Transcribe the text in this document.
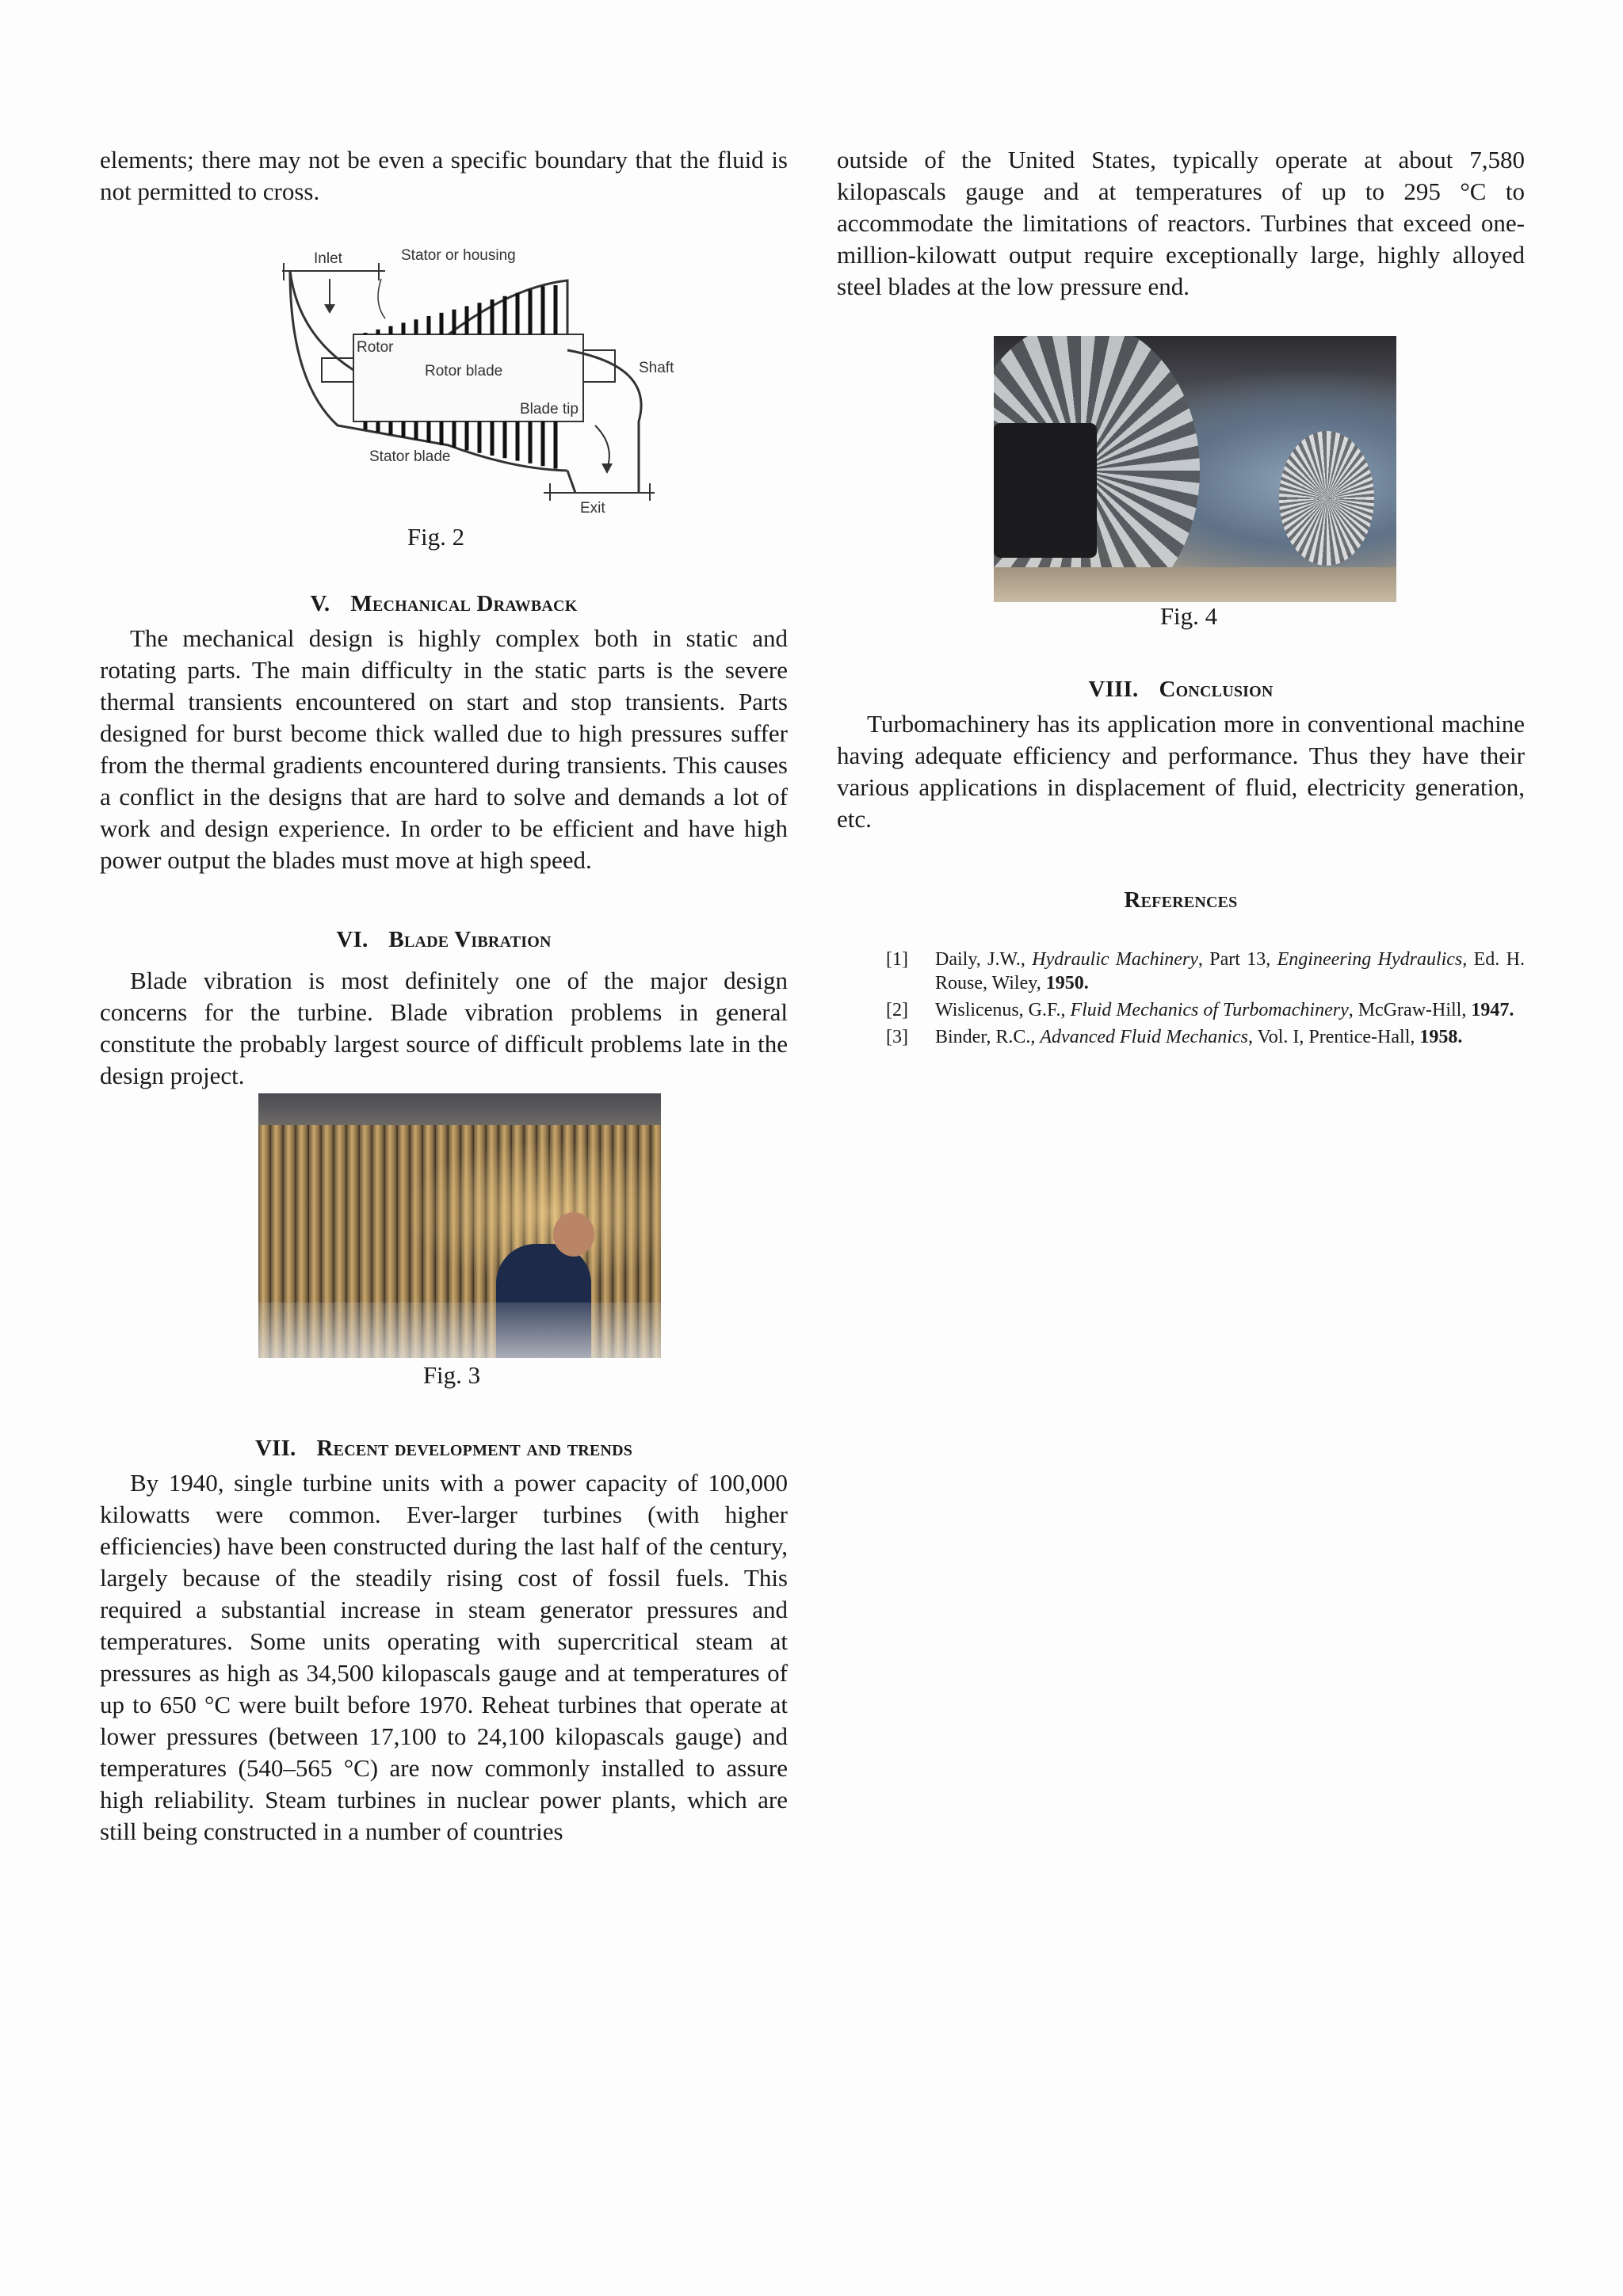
elements; there may not be even a specific boundary that the fluid is not permitted to cross.

Inlet	Stator or housing
Rotor
Rotor blade	Shaft
Blade tip
Stator blade
Exit
Fig. 2
V. Mechanical Drawback

The mechanical design is highly complex both in static and rotating parts. The main difficulty in the static parts is the severe thermal transients encountered on start and stop transients. Parts designed for burst become thick walled due to high pressures suffer from the thermal gradients encountered during transients. This causes a conflict in the designs that are hard to solve and demands a lot of work and design experience. In order to be efficient and have high power output the blades must move at high speed.

VI. Blade Vibration

Blade vibration is most definitely one of the major design concerns for the turbine. Blade vibration problems in general constitute the probably largest source of difficult problems late in the design project.

Fig. 3
VII. Recent development and trends

By 1940, single turbine units with a power capacity of 100,000 kilowatts were common. Ever-larger turbines (with higher efficiencies) have been constructed during the last half of the century, largely because of the steadily rising cost of fossil fuels. This required a substantial increase in steam generator pressures and temperatures. Some units operating with supercritical steam at pressures as high as 34,500 kilopascals gauge and at temperatures of up to 650 °C were built before 1970. Reheat turbines that operate at lower pressures (between 17,100 to 24,100 kilopascals gauge) and temperatures (540–565 °C) are now commonly installed to assure high reliability. Steam turbines in nuclear power plants, which are still being constructed in a number of countries

outside of the United States, typically operate at about 7,580 kilopascals gauge and at temperatures of up to 295 °C to accommodate the limitations of reactors. Turbines that exceed one-million-kilowatt output require exceptionally large, highly alloyed steel blades at the low pressure end.

Fig. 4
VIII. Conclusion

Turbomachinery has its application more in conventional machine having adequate efficiency and performance. Thus they have their various applications in displacement of fluid, electricity generation, etc.

References
[1]	Daily, J.W., Hydraulic Machinery, Part 13, Engineering Hydraulics, Ed. H. Rouse, Wiley, 1950.
[2]	Wislicenus, G.F., Fluid Mechanics of Turbomachinery, McGraw-Hill, 1947.
[3]	Binder, R.C., Advanced Fluid Mechanics, Vol. I, Prentice-Hall, 1958.
